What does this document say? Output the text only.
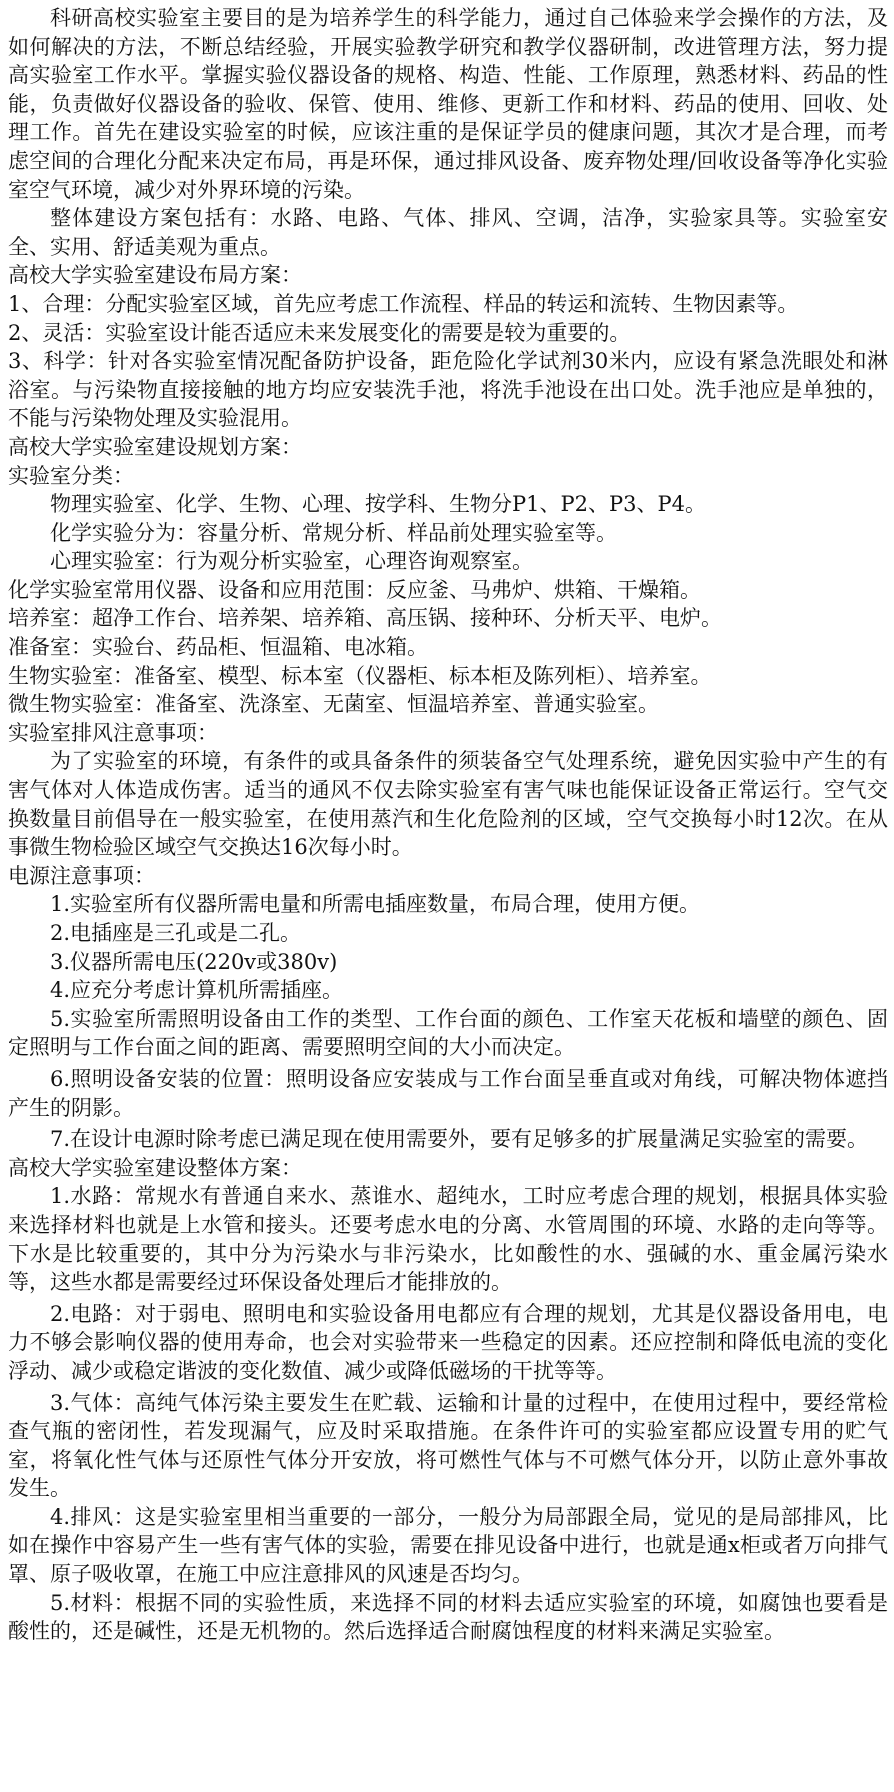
科研高校实验室主要目的是为培养学生的科学能力，通过自己体验来学会操作的方法，及如何解决的方法，不断总结经验，开展实验教学研究和教学仪器研制，改进管理方法，努力提高实验室工作水平。掌握实验仪器设备的规格、构造、性能、工作原理，熟悉材料、药品的性能，负责做好仪器设备的验收、保管、使用、维修、更新工作和材料、药品的使用、回收、处理工作。首先在建设实验室的时候，应该注重的是保证学员的健康问题，其次才是合理，而考虑空间的合理化分配来决定布局，再是环保，通过排风设备、废弃物处理/回收设备等净化实验室空气环境，减少对外界环境的污染。

整体建设方案包括有：水路、电路、气体、排风、空调，洁净，实验家具等。实验室安全、实用、舒适美观为重点。

高校大学实验室建设布局方案：

1、合理：分配实验室区域，首先应考虑工作流程、样品的转运和流转、生物因素等。

2、灵活：实验室设计能否适应未来发展变化的需要是较为重要的。

3、科学：针对各实验室情况配备防护设备，距危险化学试剂30米内，应设有紧急洗眼处和淋浴室。与污染物直接接触的地方均应安装洗手池，将洗手池设在出口处。洗手池应是单独的，不能与污染物处理及实验混用。

高校大学实验室建设规划方案：

实验室分类：

物理实验室、化学、生物、心理、按学科、生物分P1、P2、P3、P4。

化学实验分为：容量分析、常规分析、样品前处理实验室等。

心理实验室：行为观分析实验室，心理咨询观察室。

化学实验室常用仪器、设备和应用范围：反应釜、马弗炉、烘箱、干燥箱。

培养室：超净工作台、培养架、培养箱、高压锅、接种环、分析天平、电炉。

准备室：实验台、药品柜、恒温箱、电冰箱。

生物实验室：准备室、模型、标本室（仪器柜、标本柜及陈列柜）、培养室。

微生物实验室：准备室、洗涤室、无菌室、恒温培养室、普通实验室。

实验室排风注意事项：

为了实验室的环境，有条件的或具备条件的须装备空气处理系统，避免因实验中产生的有害气体对人体造成伤害。适当的通风不仅去除实验室有害气味也能保证设备正常运行。空气交换数量目前倡导在一般实验室，在使用蒸汽和生化危险剂的区域，空气交换每小时12次。在从事微生物检验区域空气交换达16次每小时。

电源注意事项：

1.实验室所有仪器所需电量和所需电插座数量，布局合理，使用方便。

2.电插座是三孔或是二孔。

3.仪器所需电压(220v或380v)

4.应充分考虑计算机所需插座。

5.实验室所需照明设备由工作的类型、工作台面的颜色、工作室天花板和墙壁的颜色、固定照明与工作台面之间的距离、需要照明空间的大小而决定。

6.照明设备安装的位置：照明设备应安装成与工作台面呈垂直或对角线，可解决物体遮挡产生的阴影。

7.在设计电源时除考虑已满足现在使用需要外，要有足够多的扩展量满足实验室的需要。

高校大学实验室建设整体方案：

1.水路：常规水有普通自来水、蒸谁水、超纯水，工时应考虑合理的规划，根据具体实验来选择材料也就是上水管和接头。还要考虑水电的分离、水管周围的环境、水路的走向等等。下水是比较重要的，其中分为污染水与非污染水，比如酸性的水、强碱的水、重金属污染水等，这些水都是需要经过环保设备处理后才能排放的。

2.电路：对于弱电、照明电和实验设备用电都应有合理的规划，尤其是仪器设备用电，电力不够会影响仪器的使用寿命，也会对实验带来一些稳定的因素。还应控制和降低电流的变化浮动、减少或稳定谐波的变化数值、减少或降低磁场的干扰等等。

3.气体：高纯气体污染主要发生在贮载、运输和计量的过程中，在使用过程中，要经常检查气瓶的密闭性，若发现漏气，应及时采取措施。在条件许可的实验室都应设置专用的贮气室，将氧化性气体与还原性气体分开安放，将可燃性气体与不可燃气体分开，以防止意外事故发生。

4.排风：这是实验室里相当重要的一部分，一般分为局部跟全局，觉见的是局部排风，比如在操作中容易产生一些有害气体的实验，需要在排见设备中进行，也就是通x柜或者万向排气罩、原子吸收罩，在施工中应注意排风的风速是否均匀。

5.材料：根据不同的实验性质，来选择不同的材料去适应实验室的环境，如腐蚀也要看是酸性的，还是碱性，还是无机物的。然后选择适合耐腐蚀程度的材料来满足实验室。
